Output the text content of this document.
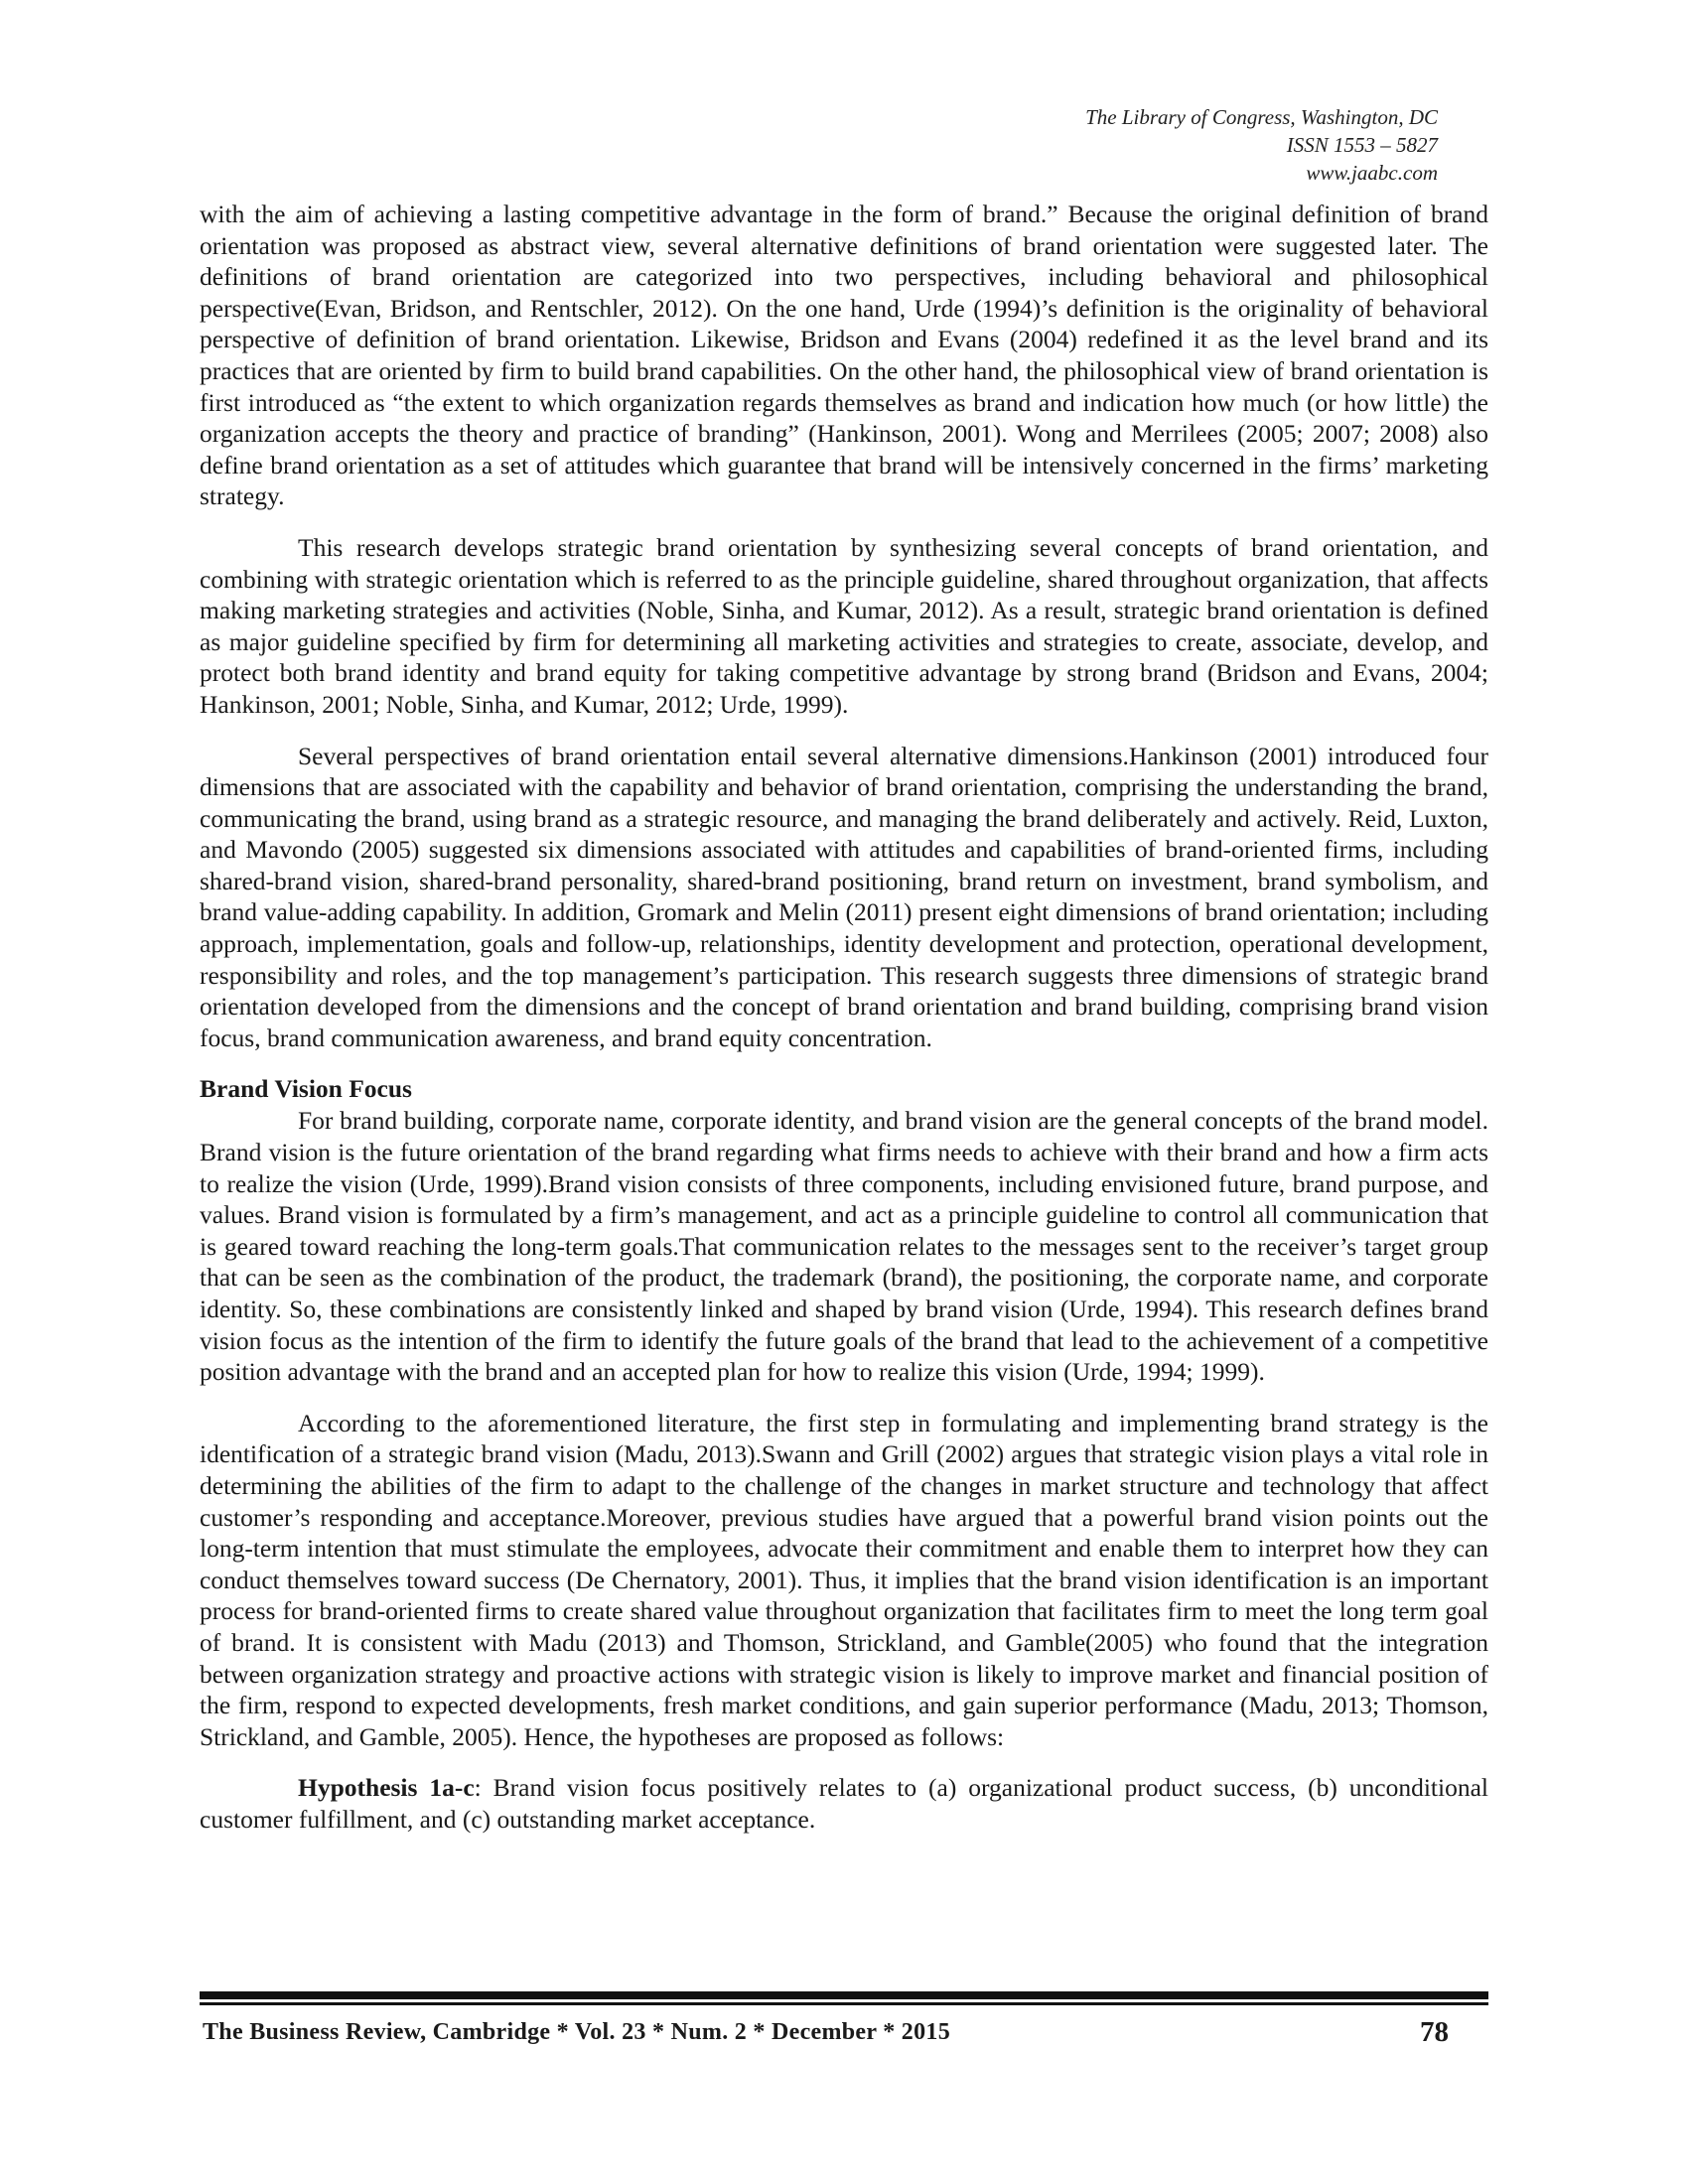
The Library of Congress, Washington, DC
ISSN 1553 – 5827
www.jaabc.com

with the aim of achieving a lasting competitive advantage in the form of brand.” Because the original definition of brand orientation was proposed as abstract view, several alternative definitions of brand orientation were suggested later. The definitions of brand orientation are categorized into two perspectives, including behavioral and philosophical perspective(Evan, Bridson, and Rentschler, 2012). On the one hand, Urde (1994)’s definition is the originality of behavioral perspective of definition of brand orientation. Likewise, Bridson and Evans (2004) redefined it as the level brand and its practices that are oriented by firm to build brand capabilities. On the other hand, the philosophical view of brand orientation is first introduced as “the extent to which organization regards themselves as brand and indication how much (or how little) the organization accepts the theory and practice of branding” (Hankinson, 2001). Wong and Merrilees (2005; 2007; 2008) also define brand orientation as a set of attitudes which guarantee that brand will be intensively concerned in the firms’ marketing strategy.

This research develops strategic brand orientation by synthesizing several concepts of brand orientation, and combining with strategic orientation which is referred to as the principle guideline, shared throughout organization, that affects making marketing strategies and activities (Noble, Sinha, and Kumar, 2012). As a result, strategic brand orientation is defined as major guideline specified by firm for determining all marketing activities and strategies to create, associate, develop, and protect both brand identity and brand equity for taking competitive advantage by strong brand (Bridson and Evans, 2004; Hankinson, 2001; Noble, Sinha, and Kumar, 2012; Urde, 1999).

Several perspectives of brand orientation entail several alternative dimensions.Hankinson (2001) introduced four dimensions that are associated with the capability and behavior of brand orientation, comprising the understanding the brand, communicating the brand, using brand as a strategic resource, and managing the brand deliberately and actively. Reid, Luxton, and Mavondo (2005) suggested six dimensions associated with attitudes and capabilities of brand-oriented firms, including shared-brand vision, shared-brand personality, shared-brand positioning, brand return on investment, brand symbolism, and brand value-adding capability. In addition, Gromark and Melin (2011) present eight dimensions of brand orientation; including approach, implementation, goals and follow-up, relationships, identity development and protection, operational development, responsibility and roles, and the top management’s participation. This research suggests three dimensions of strategic brand orientation developed from the dimensions and the concept of brand orientation and brand building, comprising brand vision focus, brand communication awareness, and brand equity concentration.

Brand Vision Focus

For brand building, corporate name, corporate identity, and brand vision are the general concepts of the brand model. Brand vision is the future orientation of the brand regarding what firms needs to achieve with their brand and how a firm acts to realize the vision (Urde, 1999).Brand vision consists of three components, including envisioned future, brand purpose, and values. Brand vision is formulated by a firm’s management, and act as a principle guideline to control all communication that is geared toward reaching the long-term goals.That communication relates to the messages sent to the receiver’s target group that can be seen as the combination of the product, the trademark (brand), the positioning, the corporate name, and corporate identity. So, these combinations are consistently linked and shaped by brand vision (Urde, 1994). This research defines brand vision focus as the intention of the firm to identify the future goals of the brand that lead to the achievement of a competitive position advantage with the brand and an accepted plan for how to realize this vision (Urde, 1994; 1999).

According to the aforementioned literature, the first step in formulating and implementing brand strategy is the identification of a strategic brand vision (Madu, 2013).Swann and Grill (2002) argues that strategic vision plays a vital role in determining the abilities of the firm to adapt to the challenge of the changes in market structure and technology that affect customer’s responding and acceptance.Moreover, previous studies have argued that a powerful brand vision points out the long-term intention that must stimulate the employees, advocate their commitment and enable them to interpret how they can conduct themselves toward success (De Chernatory, 2001). Thus, it implies that the brand vision identification is an important process for brand-oriented firms to create shared value throughout organization that facilitates firm to meet the long term goal of brand. It is consistent with Madu (2013) and Thomson, Strickland, and Gamble(2005) who found that the integration between organization strategy and proactive actions with strategic vision is likely to improve market and financial position of the firm, respond to expected developments, fresh market conditions, and gain superior performance (Madu, 2013; Thomson, Strickland, and Gamble, 2005). Hence, the hypotheses are proposed as follows:

Hypothesis 1a-c: Brand vision focus positively relates to (a) organizational product success, (b) unconditional customer fulfillment, and (c) outstanding market acceptance.

The Business Review, Cambridge * Vol. 23 * Num. 2 * December * 2015	78
